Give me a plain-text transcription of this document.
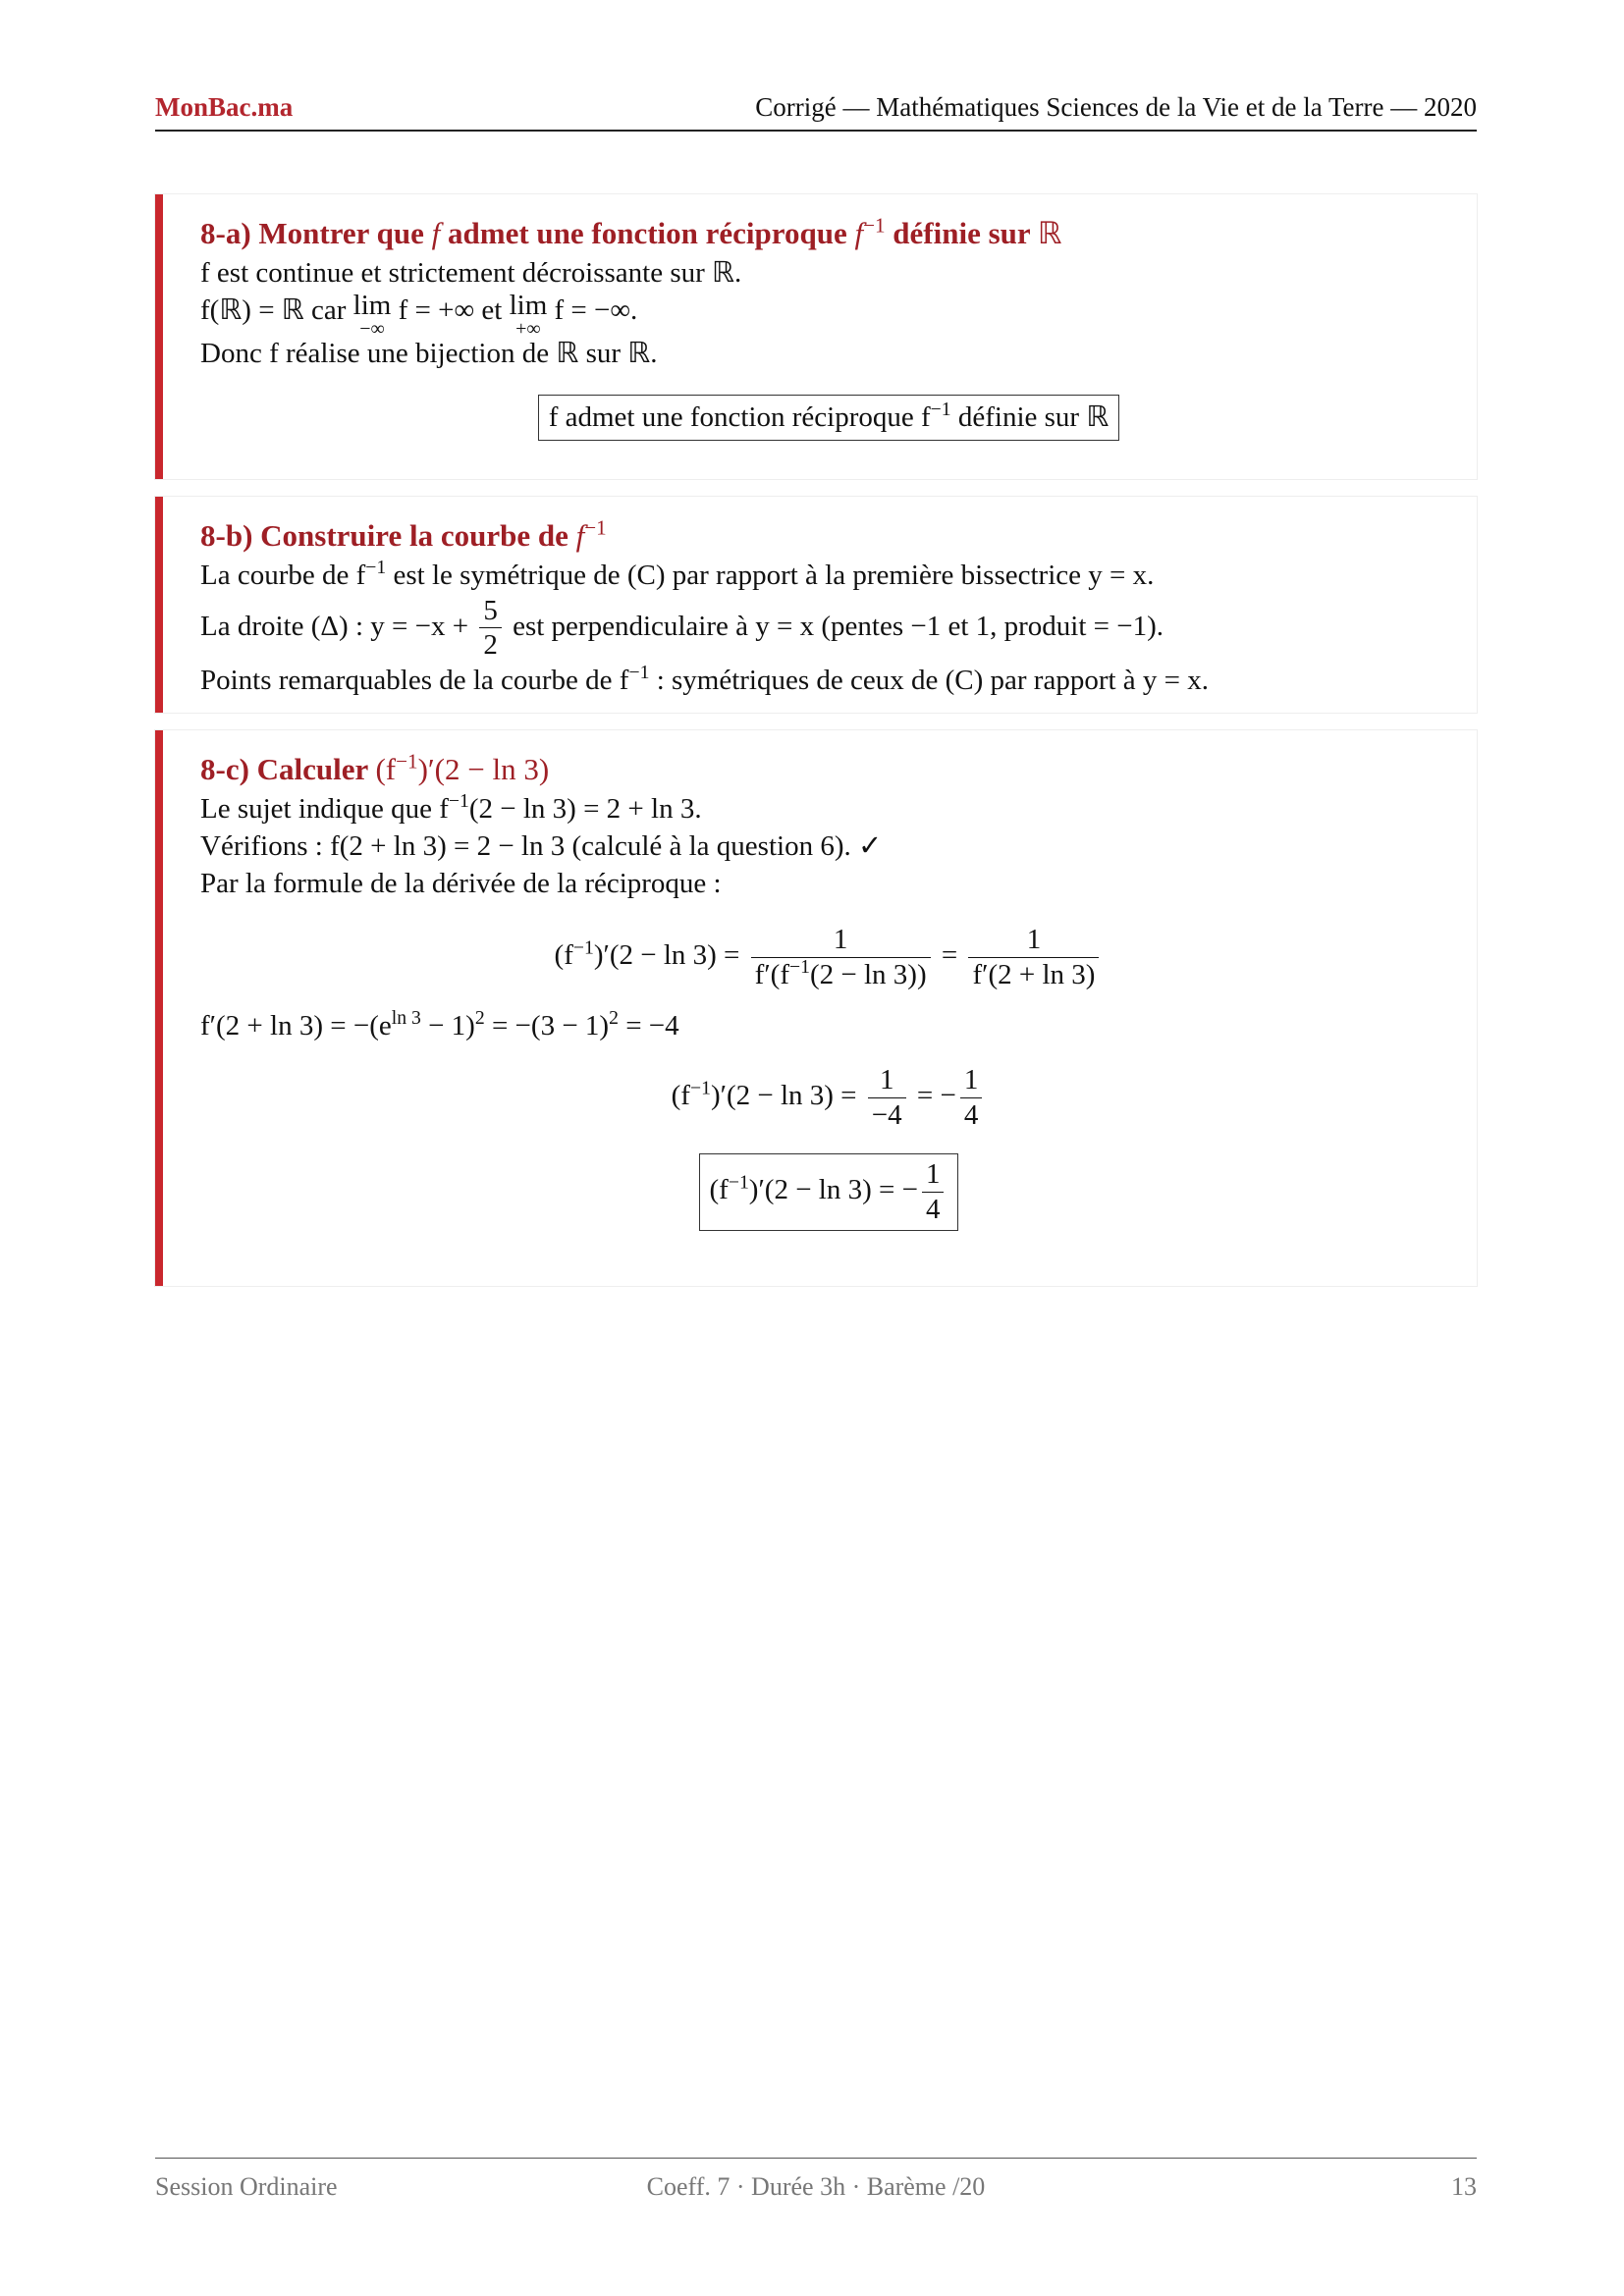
MonBac.ma	Corrigé — Mathématiques Sciences de la Vie et de la Terre — 2020
8-a) Montrer que f admet une fonction réciproque $f^{-1}$ définie sur ℝ

f est continue et strictement décroissante sur ℝ.

f(ℝ) = ℝ car lim
−∞
f = +∞ et lim
+∞
f = −∞.

Donc f réalise une bijection de ℝ sur ℝ.

f admet une fonction réciproque $f^{-1}$ définie sur ℝ
8-b) Construire la courbe de $f^{-1}$

La courbe de $f^{-1}$ est le symétrique de (C) par rapport à la première bissectrice y = x.

La droite (Δ) : $y = -x + \frac{5}{2}$ est perpendiculaire à y = x (pentes −1 et 1, produit = −1).

Points remarquables de la courbe de $f^{-1}$ : symétriques de ceux de (C) par rapport à y = x.

8-c) Calculer $(f^{-1})'(2 - \ln 3)$

Le sujet indique que $f^{-1}(2 - \ln 3) = 2 + \ln 3$.

Vérifions : f(2 + ln 3) = 2 − ln 3 (calculé à la question 6). ✓

Par la formule de la dérivée de la réciproque :

$(f^{-1})'(2 - \ln 3) = \frac{1}{f'(f^{-1}(2 - \ln 3))} = \frac{1}{f'(2 + \ln 3)}$

$f'(2 + \ln 3) = -(e^{ln 3} - 1)^2 = -(3 - 1)^2 = -4$

$(f^{-1})'(2 - \ln 3) = \frac{1}{-4}$ = − $\frac{1}{4}$
$(f^{-1})'(2 - \ln 3)$ = − $\frac{1}{4}$
Session Ordinaire	Coeff. 7 · Durée 3h · Barème /20	13
